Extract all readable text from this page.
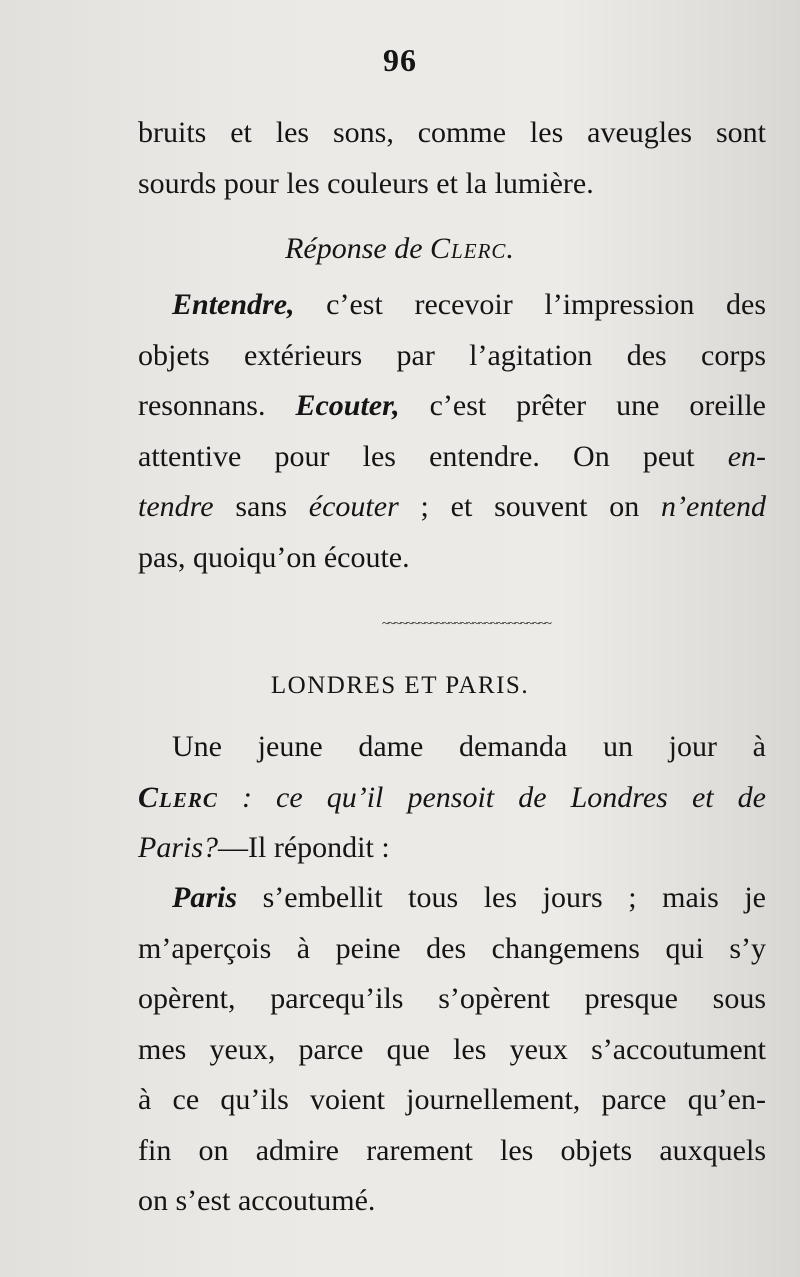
96
bruits et les sons, comme les aveugles sont
sourds pour les couleurs et la lumière.
Réponse de Clerc.
Entendre, c’est recevoir l’impression des
objets extérieurs par l’agitation des corps
resonnans. Ecouter, c’est prêter une oreille
attentive pour les entendre. On peut en-
tendre sans écouter ; et souvent on n’entend
pas, quoiqu’on écoute.
~~~~~~~~~~~~~~~~~~~~~~~~~~~~
LONDRES ET PARIS.
Une jeune dame demanda un jour à
Clerc : ce qu’il pensoit de Londres et de
Paris?—Il répondit :
Paris s’embellit tous les jours ; mais je
m’aperçois à peine des changemens qui s’y
opèrent, parcequ’ils s’opèrent presque sous
mes yeux, parce que les yeux s’accoutument
à ce qu’ils voient journellement, parce qu’en-
fin on admire rarement les objets auxquels
on s’est accoutumé.
